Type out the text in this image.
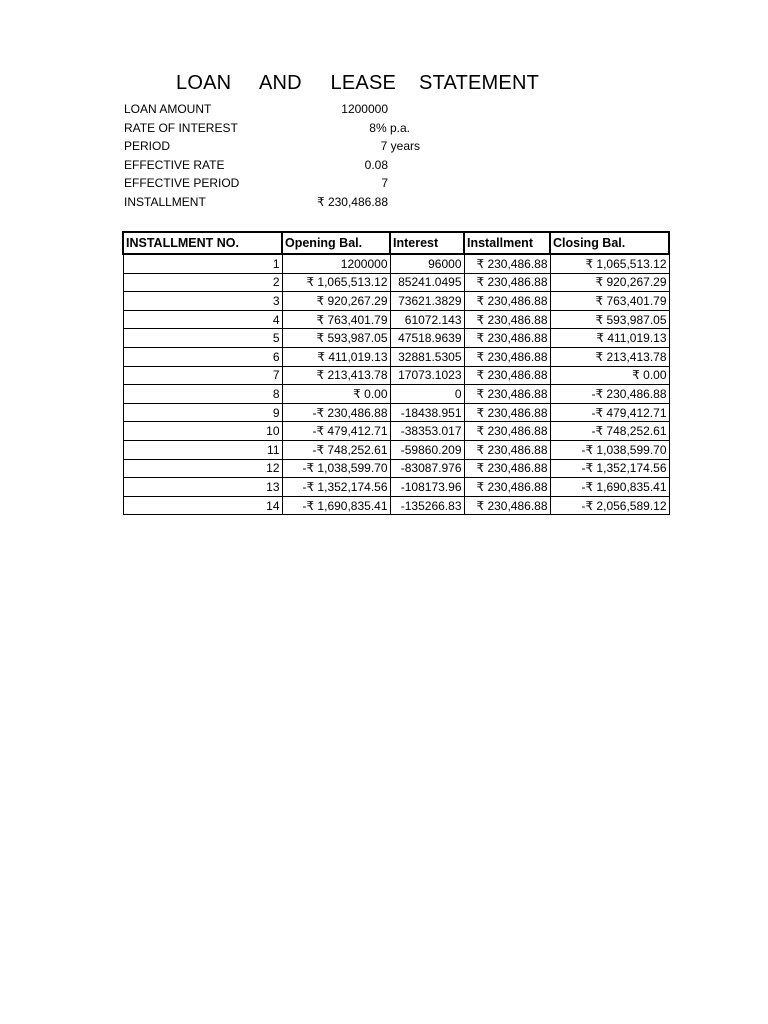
LOAN     AND     LEASE    STATEMENT
LOAN AMOUNT	1200000
RATE OF INTEREST	8% p.a.
PERIOD	7 years
EFFECTIVE RATE	0.08
EFFECTIVE PERIOD	7
INSTALLMENT	₹ 230,486.88
INSTALLMENT NO.	Opening Bal.	Interest	Installment	Closing Bal.
1	1200000	96000	₹ 230,486.88	₹ 1,065,513.12
2	₹ 1,065,513.12	85241.0495	₹ 230,486.88	₹ 920,267.29
3	₹ 920,267.29	73621.3829	₹ 230,486.88	₹ 763,401.79
4	₹ 763,401.79	61072.143	₹ 230,486.88	₹ 593,987.05
5	₹ 593,987.05	47518.9639	₹ 230,486.88	₹ 411,019.13
6	₹ 411,019.13	32881.5305	₹ 230,486.88	₹ 213,413.78
7	₹ 213,413.78	17073.1023	₹ 230,486.88	₹ 0.00
8	₹ 0.00	0	₹ 230,486.88	-₹ 230,486.88
9	-₹ 230,486.88	-18438.951	₹ 230,486.88	-₹ 479,412.71
10	-₹ 479,412.71	-38353.017	₹ 230,486.88	-₹ 748,252.61
11	-₹ 748,252.61	-59860.209	₹ 230,486.88	-₹ 1,038,599.70
12	-₹ 1,038,599.70	-83087.976	₹ 230,486.88	-₹ 1,352,174.56
13	-₹ 1,352,174.56	-108173.96	₹ 230,486.88	-₹ 1,690,835.41
14	-₹ 1,690,835.41	-135266.83	₹ 230,486.88	-₹ 2,056,589.12
